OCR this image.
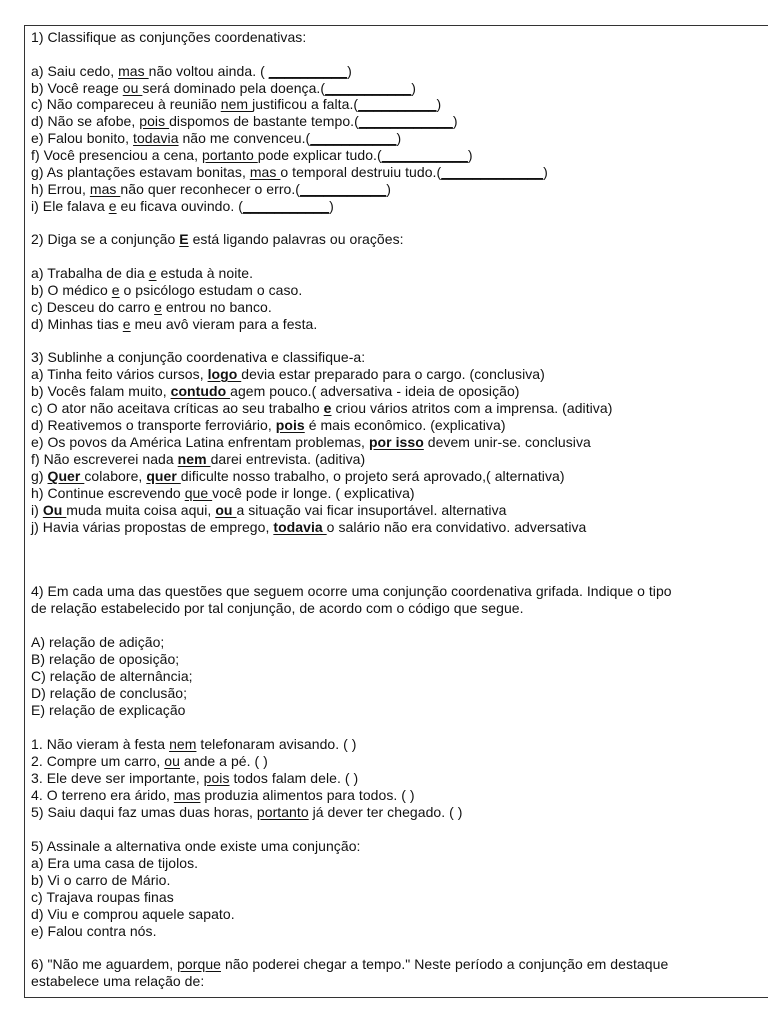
1) Classifique as conjunções coordenativas:
a) Saiu cedo, mas não voltou ainda. ( __________)
b) Você reage ou será dominado pela doença.(___________)
c) Não compareceu à reunião nem justificou a falta.(__________)
d) Não se afobe, pois dispomos de bastante tempo.(____________)
e) Falou bonito, todavia não me convenceu.(___________)
f) Você presenciou a cena, portanto pode explicar tudo.(___________)
g) As plantações estavam bonitas, mas o temporal destruiu tudo.(_____________)
h) Errou, mas não quer reconhecer o erro.(___________)
i) Ele falava e eu ficava ouvindo. (___________)
2) Diga se a conjunção E está ligando palavras ou orações:
a) Trabalha de dia e estuda à noite.
b) O médico e o psicólogo estudam o caso.
c) Desceu do carro e entrou no banco.
d) Minhas tias e meu avô vieram para a festa.
3) Sublinhe a conjunção coordenativa e classifique-a:
a) Tinha feito vários cursos, logo devia estar preparado para o cargo. (conclusiva)
b) Vocês falam muito, contudo agem pouco.( adversativa - ideia de oposição)
c) O ator não aceitava críticas ao seu trabalho e criou vários atritos com a imprensa. (aditiva)
d) Reativemos o transporte ferroviário, pois é mais econômico. (explicativa)
e) Os povos da América Latina enfrentam problemas, por isso devem unir-se. conclusiva
f) Não escreverei nada nem darei entrevista. (aditiva)
g) Quer colabore, quer dificulte nosso trabalho, o projeto será aprovado,( alternativa)
h) Continue escrevendo que você pode ir longe. ( explicativa)
i) Ou muda muita coisa aqui, ou a situação vai ficar insuportável. alternativa
j) Havia várias propostas de emprego, todavia o salário não era convidativo. adversativa
4) Em cada uma das questões que seguem ocorre uma conjunção coordenativa grifada. Indique o tipo
de relação estabelecido por tal conjunção, de acordo com o código que segue.
A) relação de adição;
B) relação de oposição;
C) relação de alternância;
D) relação de conclusão;
E) relação de explicação
1. Não vieram à festa nem telefonaram avisando. ( )
2. Compre um carro, ou ande a pé. ( )
3. Ele deve ser importante, pois todos falam dele. ( )
4. O terreno era árido, mas produzia alimentos para todos. ( )
5) Saiu daqui faz umas duas horas, portanto já dever ter chegado. ( )
5) Assinale a alternativa onde existe uma conjunção:
a) Era uma casa de tijolos.
b) Vi o carro de Mário.
c) Trajava roupas finas
d) Viu e comprou aquele sapato.
e) Falou contra nós.
6) "Não me aguardem, porque não poderei chegar a tempo." Neste período a conjunção em destaque
estabelece uma relação de:
